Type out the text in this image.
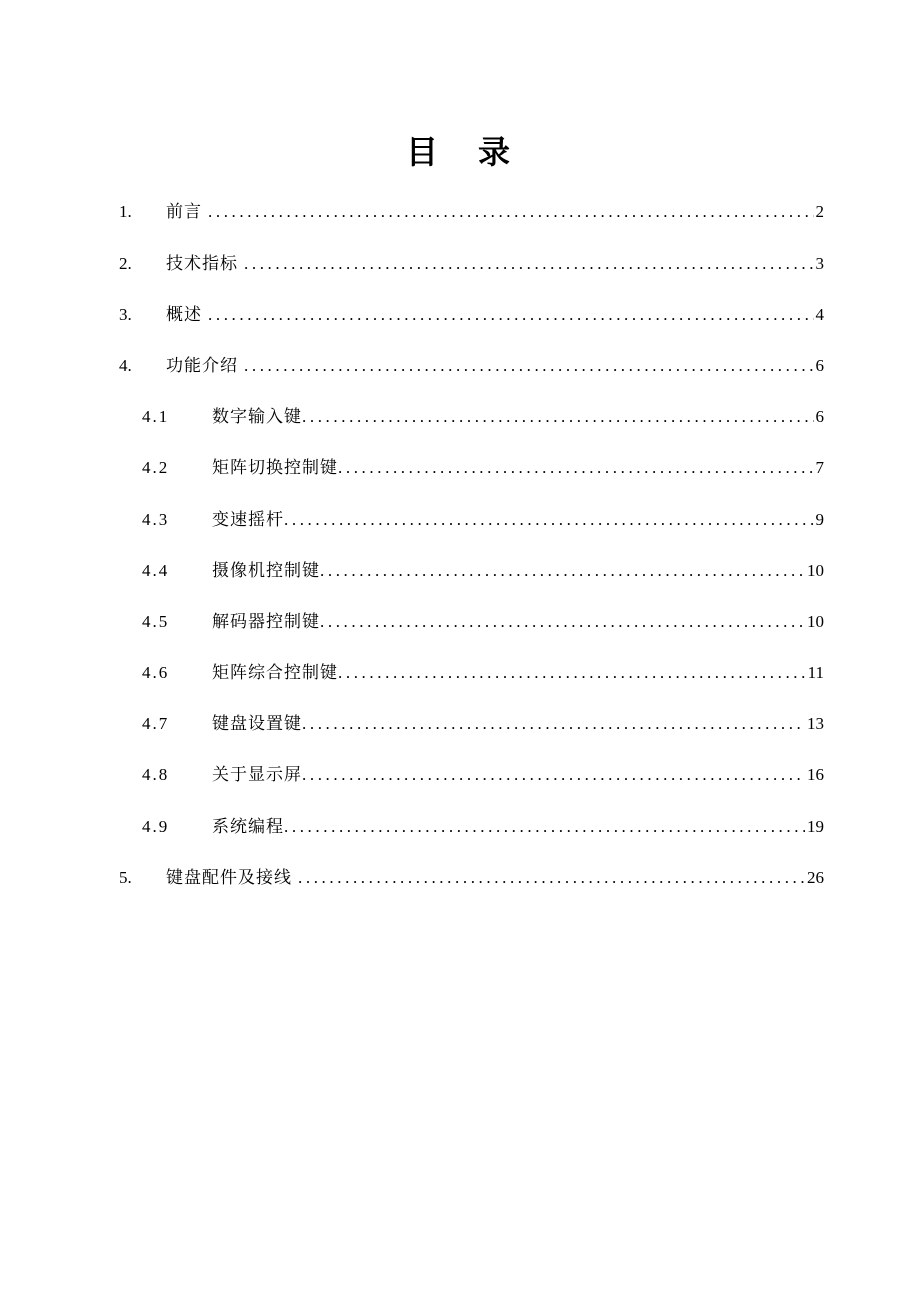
目录
1.	前言 .....	2
2.	技术指标 .....	3
3.	概述 .....	4
4.	功能介绍 .....	6
4.1	数字输入键 .....	6
4.2	矩阵切换控制键 .....	7
4.3	变速摇杆 .....	9
4.4	摄像机控制键 .....	10
4.5	解码器控制键 .....	10
4.6	矩阵综合控制键 .....	11
4.7	键盘设置键 .....	13
4.8	关于显示屏 .....	16
4.9	系统编程 .....	19
5.	键盘配件及接线 .....	26
